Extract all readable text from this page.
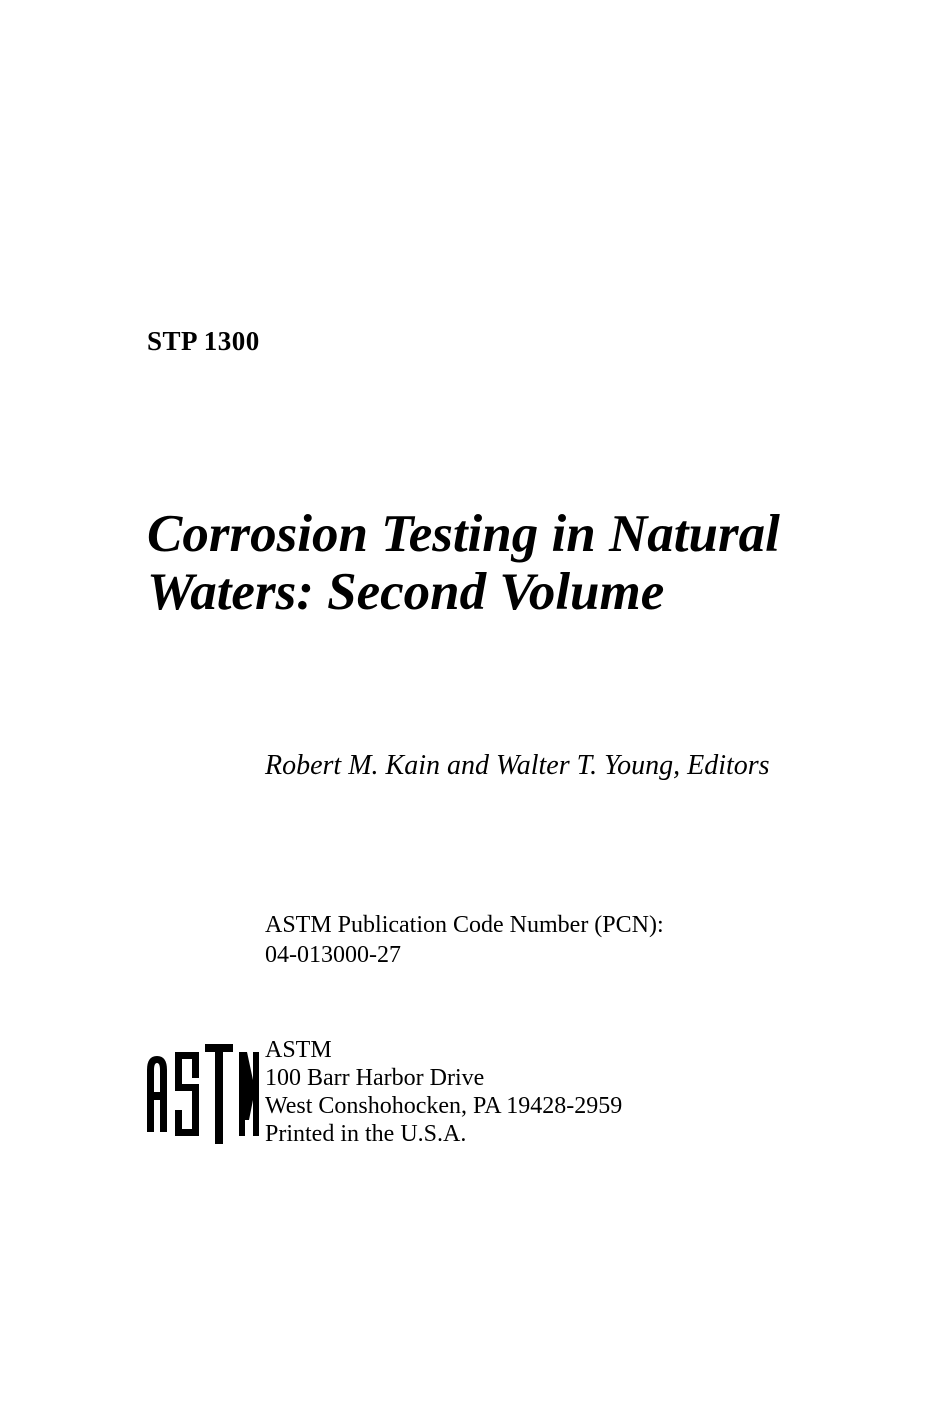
STP 1300
Corrosion Testing in Natural
Waters: Second Volume
Robert M. Kain and Walter T. Young, Editors
ASTM Publication Code Number (PCN):
04-013000-27
ASTM
100 Barr Harbor Drive
West Conshohocken, PA 19428-2959
Printed in the U.S.A.
